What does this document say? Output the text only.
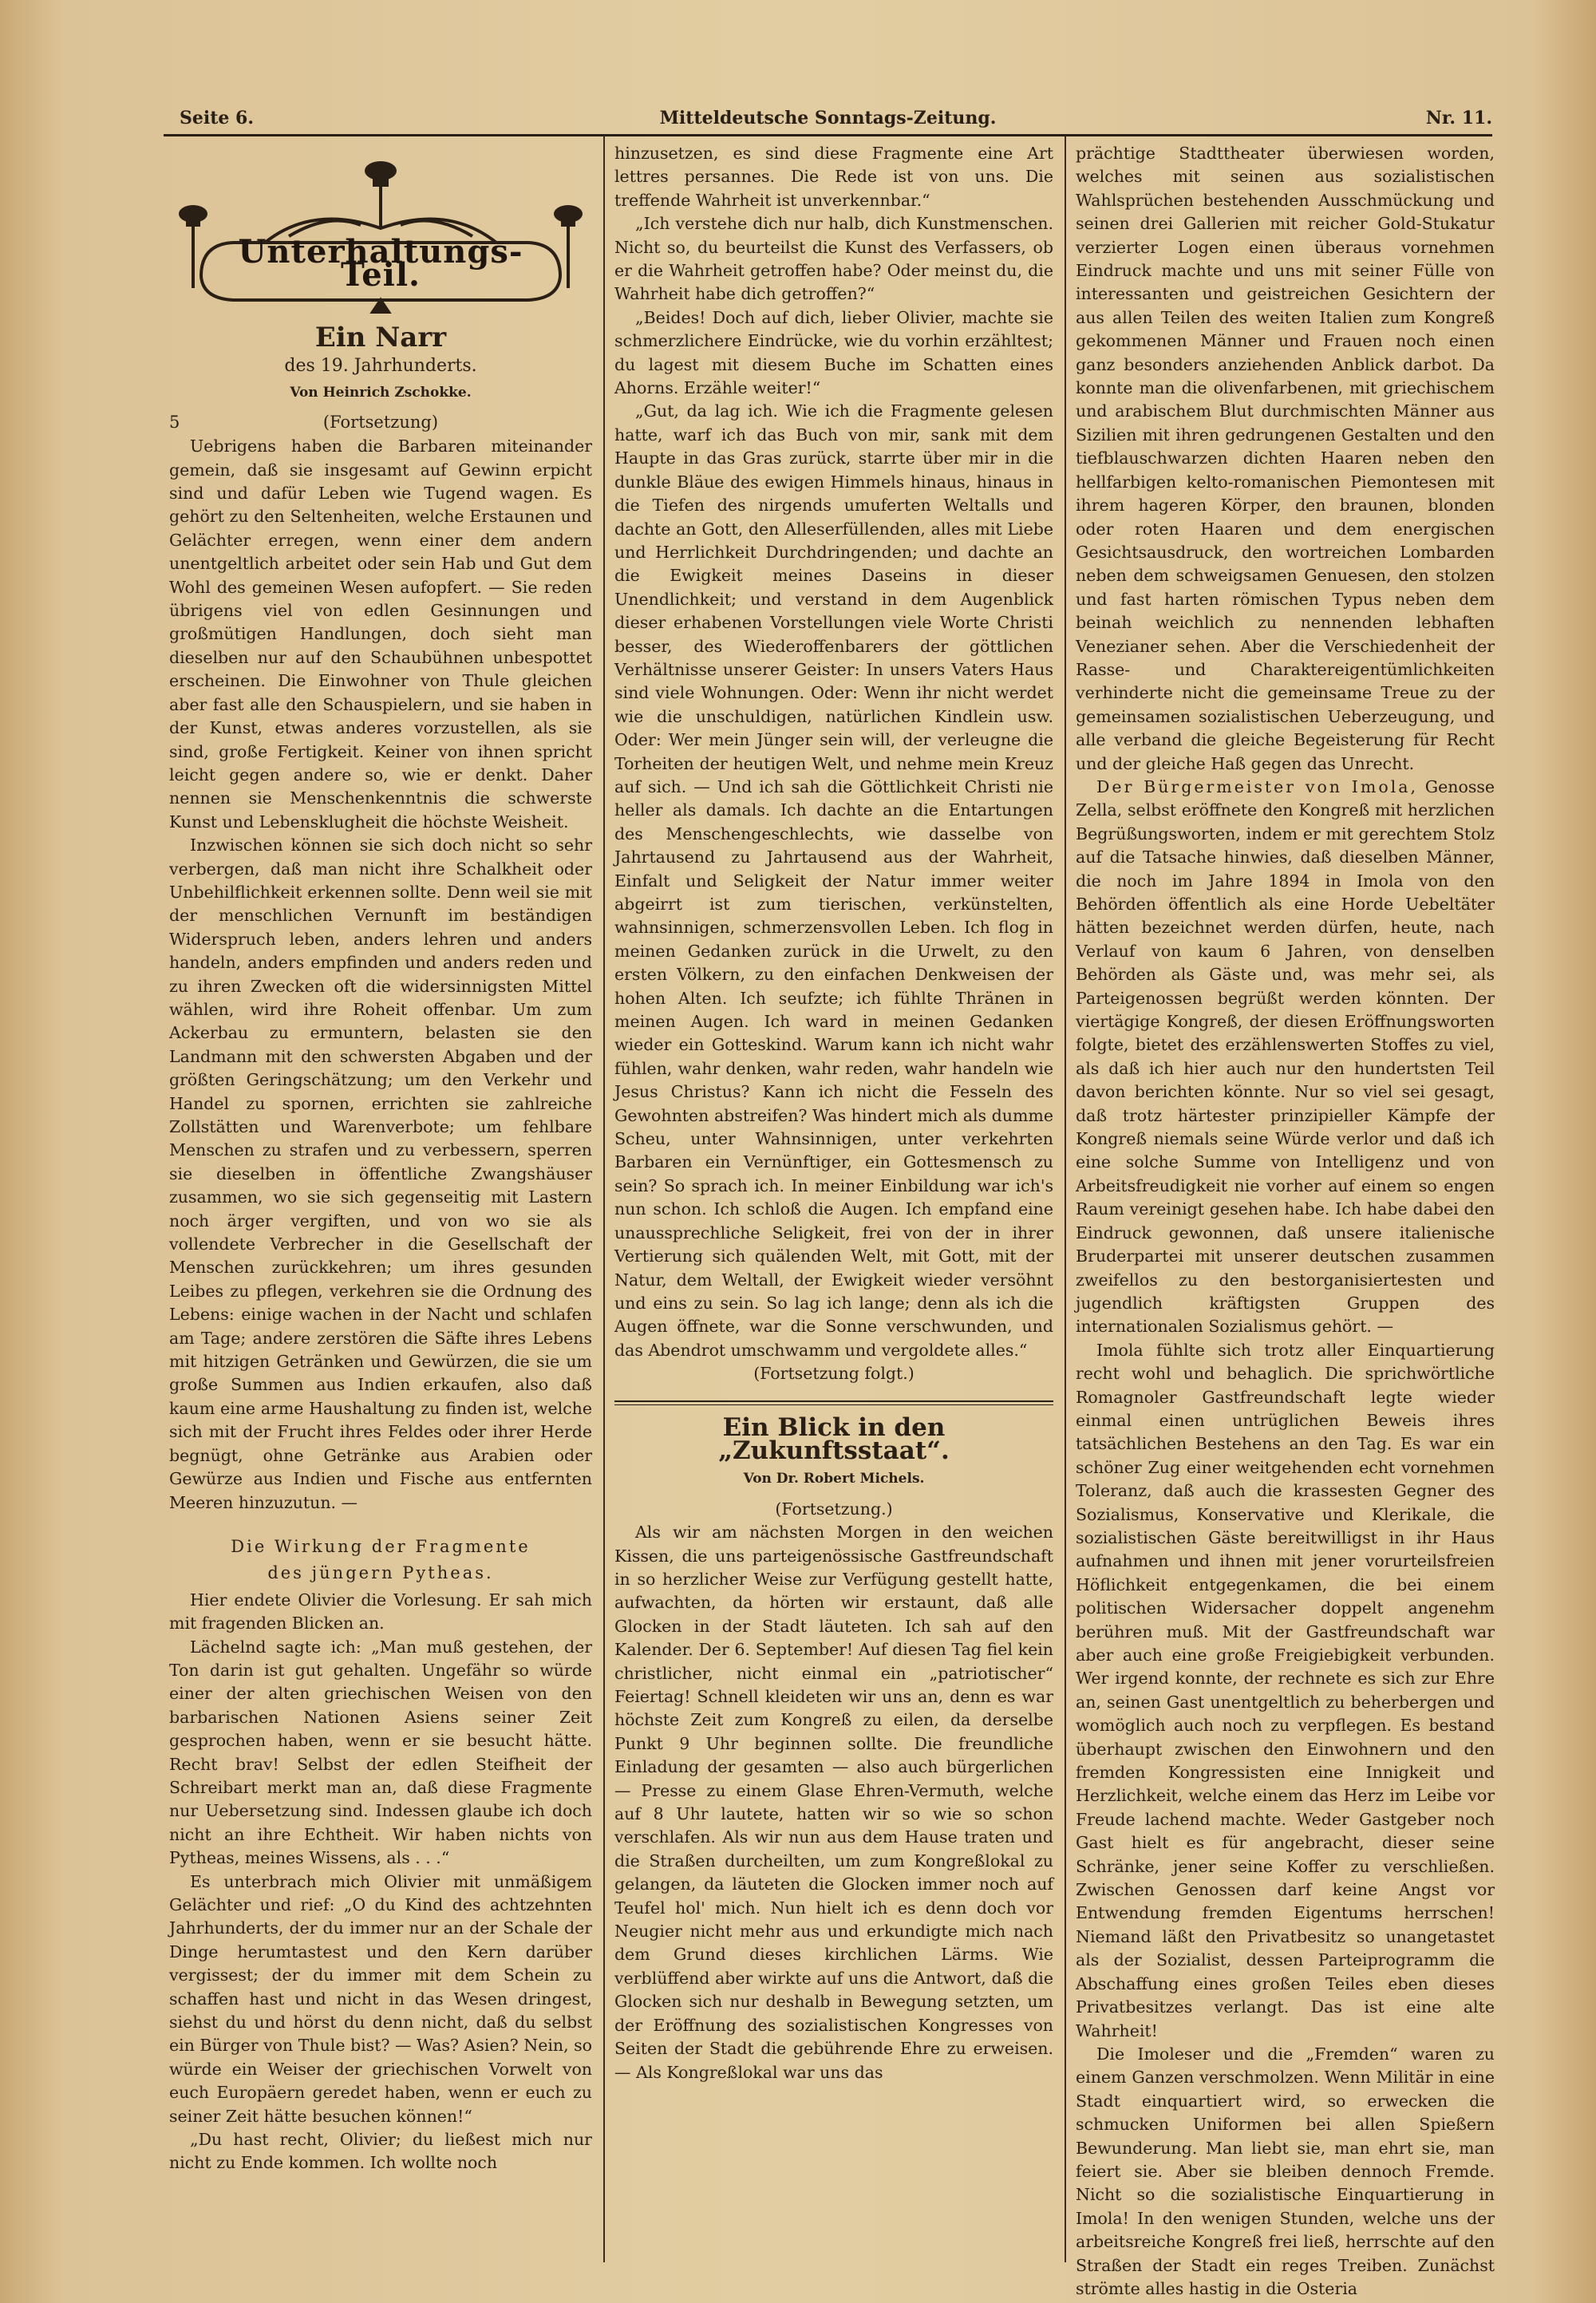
Seite 6.	Mitteldeutsche Sonntags-Zeitung.	Nr. 11.
Unterhaltungs-Teil.
Ein Narr
des 19. Jahrhunderts.
Von Heinrich Zschokke.
5	(Fortsetzung)

Uebrigens haben die Barbaren miteinander gemein, daß sie insgesamt auf Gewinn erpicht sind und dafür Leben wie Tugend wagen. Es gehört zu den Seltenheiten, welche Erstaunen und Gelächter erregen, wenn einer dem andern unentgeltlich arbeitet oder sein Hab und Gut dem Wohl des gemeinen Wesen aufopfert. — Sie reden übrigens viel von edlen Gesinnungen und großmütigen Handlungen, doch sieht man dieselben nur auf den Schaubühnen unbespottet erscheinen. Die Einwohner von Thule gleichen aber fast alle den Schauspielern, und sie haben in der Kunst, etwas anderes vorzustellen, als sie sind, große Fertigkeit. Keiner von ihnen spricht leicht gegen andere so, wie er denkt. Daher nennen sie Menschenkenntnis die schwerste Kunst und Lebensklugheit die höchste Weisheit.

Inzwischen können sie sich doch nicht so sehr verbergen, daß man nicht ihre Schalkheit oder Unbehilflichkeit erkennen sollte. Denn weil sie mit der menschlichen Vernunft im beständigen Widerspruch leben, anders lehren und anders handeln, anders empfinden und anders reden und zu ihren Zwecken oft die widersinnigsten Mittel wählen, wird ihre Roheit offenbar. Um zum Ackerbau zu ermuntern, belasten sie den Landmann mit den schwersten Abgaben und der größten Geringschätzung; um den Verkehr und Handel zu spornen, errichten sie zahlreiche Zollstätten und Warenverbote; um fehlbare Menschen zu strafen und zu verbessern, sperren sie dieselben in öffentliche Zwangshäuser zusammen, wo sie sich gegenseitig mit Lastern noch ärger vergiften, und von wo sie als vollendete Verbrecher in die Gesellschaft der Menschen zurückkehren; um ihres gesunden Leibes zu pflegen, verkehren sie die Ordnung des Lebens: einige wachen in der Nacht und schlafen am Tage; andere zerstören die Säfte ihres Lebens mit hitzigen Getränken und Gewürzen, die sie um große Summen aus Indien erkaufen, also daß kaum eine arme Haushaltung zu finden ist, welche sich mit der Frucht ihres Feldes oder ihrer Herde begnügt, ohne Getränke aus Arabien oder Gewürze aus Indien und Fische aus entfernten Meeren hinzuzutun. —

Die Wirkung der Fragmente
des jüngern Pytheas.

Hier endete Olivier die Vorlesung. Er sah mich mit fragenden Blicken an.

Lächelnd sagte ich: „Man muß gestehen, der Ton darin ist gut gehalten. Ungefähr so würde einer der alten griechischen Weisen von den barbarischen Nationen Asiens seiner Zeit gesprochen haben, wenn er sie besucht hätte. Recht brav! Selbst der edlen Steifheit der Schreibart merkt man an, daß diese Fragmente nur Uebersetzung sind. Indessen glaube ich doch nicht an ihre Echtheit. Wir haben nichts von Pytheas, meines Wissens, als . . .“

Es unterbrach mich Olivier mit unmäßigem Gelächter und rief: „O du Kind des achtzehnten Jahrhunderts, der du immer nur an der Schale der Dinge herumtastest und den Kern darüber vergissest; der du immer mit dem Schein zu schaffen hast und nicht in das Wesen dringest, siehst du und hörst du denn nicht, daß du selbst ein Bürger von Thule bist? — Was? Asien? Nein, so würde ein Weiser der griechischen Vorwelt von euch Europäern geredet haben, wenn er euch zu seiner Zeit hätte besuchen können!“

„Du hast recht, Olivier; du ließest mich nur nicht zu Ende kommen. Ich wollte noch

hinzusetzen, es sind diese Fragmente eine Art lettres persannes. Die Rede ist von uns. Die treffende Wahrheit ist unverkennbar.“

„Ich verstehe dich nur halb, dich Kunstmenschen. Nicht so, du beurteilst die Kunst des Verfassers, ob er die Wahrheit getroffen habe? Oder meinst du, die Wahrheit habe dich getroffen?“

„Beides! Doch auf dich, lieber Olivier, machte sie schmerzlichere Eindrücke, wie du vorhin erzähltest; du lagest mit diesem Buche im Schatten eines Ahorns. Erzähle weiter!“

„Gut, da lag ich. Wie ich die Fragmente gelesen hatte, warf ich das Buch von mir, sank mit dem Haupte in das Gras zurück, starrte über mir in die dunkle Bläue des ewigen Himmels hinaus, hinaus in die Tiefen des nirgends umuferten Weltalls und dachte an Gott, den Alleserfüllenden, alles mit Liebe und Herrlichkeit Durchdringenden; und dachte an die Ewigkeit meines Daseins in dieser Unendlichkeit; und verstand in dem Augenblick dieser erhabenen Vorstellungen viele Worte Christi besser, des Wiederoffenbarers der göttlichen Verhältnisse unserer Geister: In unsers Vaters Haus sind viele Wohnungen. Oder: Wenn ihr nicht werdet wie die unschuldigen, natürlichen Kindlein usw. Oder: Wer mein Jünger sein will, der verleugne die Torheiten der heutigen Welt, und nehme mein Kreuz auf sich. — Und ich sah die Göttlichkeit Christi nie heller als damals. Ich dachte an die Entartungen des Menschengeschlechts, wie dasselbe von Jahrtausend zu Jahrtausend aus der Wahrheit, Einfalt und Seligkeit der Natur immer weiter abgeirrt ist zum tierischen, verkünstelten, wahnsinnigen, schmerzensvollen Leben. Ich flog in meinen Gedanken zurück in die Urwelt, zu den ersten Völkern, zu den einfachen Denkweisen der hohen Alten. Ich seufzte; ich fühlte Thränen in meinen Augen. Ich ward in meinen Gedanken wieder ein Gotteskind. Warum kann ich nicht wahr fühlen, wahr denken, wahr reden, wahr handeln wie Jesus Christus? Kann ich nicht die Fesseln des Gewohnten abstreifen? Was hindert mich als dumme Scheu, unter Wahnsinnigen, unter verkehrten Barbaren ein Vernünftiger, ein Gottesmensch zu sein? So sprach ich. In meiner Einbildung war ich's nun schon. Ich schloß die Augen. Ich empfand eine unaussprechliche Seligkeit, frei von der in ihrer Vertierung sich quälenden Welt, mit Gott, mit der Natur, dem Weltall, der Ewigkeit wieder versöhnt und eins zu sein. So lag ich lange; denn als ich die Augen öffnete, war die Sonne verschwunden, und das Abendrot umschwamm und vergoldete alles.“

(Fortsetzung folgt.)

Ein Blick in den „Zukunftsstaat“.
Von Dr. Robert Michels.

(Fortsetzung.)

Als wir am nächsten Morgen in den weichen Kissen, die uns parteigenössische Gastfreundschaft in so herzlicher Weise zur Verfügung gestellt hatte, aufwachten, da hörten wir erstaunt, daß alle Glocken in der Stadt läuteten. Ich sah auf den Kalender. Der 6. September! Auf diesen Tag fiel kein christlicher, nicht einmal ein „patriotischer“ Feiertag! Schnell kleideten wir uns an, denn es war höchste Zeit zum Kongreß zu eilen, da derselbe Punkt 9 Uhr beginnen sollte. Die freundliche Einladung der gesamten — also auch bürgerlichen — Presse zu einem Glase Ehren-Vermuth, welche auf 8 Uhr lautete, hatten wir so wie so schon verschlafen. Als wir nun aus dem Hause traten und die Straßen durcheilten, um zum Kongreßlokal zu gelangen, da läuteten die Glocken immer noch auf Teufel hol' mich. Nun hielt ich es denn doch vor Neugier nicht mehr aus und erkundigte mich nach dem Grund dieses kirchlichen Lärms. Wie verblüffend aber wirkte auf uns die Antwort, daß die Glocken sich nur deshalb in Bewegung setzten, um der Eröffnung des sozialistischen Kongresses von Seiten der Stadt die gebührende Ehre zu erweisen. — Als Kongreßlokal war uns das

prächtige Stadttheater überwiesen worden, welches mit seinen aus sozialistischen Wahlsprüchen bestehenden Ausschmückung und seinen drei Gallerien mit reicher Gold-Stukatur verzierter Logen einen überaus vornehmen Eindruck machte und uns mit seiner Fülle von interessanten und geistreichen Gesichtern der aus allen Teilen des weiten Italien zum Kongreß gekommenen Männer und Frauen noch einen ganz besonders anziehenden Anblick darbot. Da konnte man die olivenfarbenen, mit griechischem und arabischem Blut durchmischten Männer aus Sizilien mit ihren gedrungenen Gestalten und den tiefblauschwarzen dichten Haaren neben den hellfarbigen kelto-romanischen Piemontesen mit ihrem hageren Körper, den braunen, blonden oder roten Haaren und dem energischen Gesichtsausdruck, den wortreichen Lombarden neben dem schweigsamen Genuesen, den stolzen und fast harten römischen Typus neben dem beinah weichlich zu nennenden lebhaften Venezianer sehen. Aber die Verschiedenheit der Rasse- und Charaktereigentümlichkeiten verhinderte nicht die gemeinsame Treue zu der gemeinsamen sozialistischen Ueberzeugung, und alle verband die gleiche Begeisterung für Recht und der gleiche Haß gegen das Unrecht.

Der Bürgermeister von Imola, Genosse Zella, selbst eröffnete den Kongreß mit herzlichen Begrüßungsworten, indem er mit gerechtem Stolz auf die Tatsache hinwies, daß dieselben Männer, die noch im Jahre 1894 in Imola von den Behörden öffentlich als eine Horde Uebeltäter hätten bezeichnet werden dürfen, heute, nach Verlauf von kaum 6 Jahren, von denselben Behörden als Gäste und, was mehr sei, als Parteigenossen begrüßt werden könnten. Der viertägige Kongreß, der diesen Eröffnungsworten folgte, bietet des erzählenswerten Stoffes zu viel, als daß ich hier auch nur den hundertsten Teil davon berichten könnte. Nur so viel sei gesagt, daß trotz härtester prinzipieller Kämpfe der Kongreß niemals seine Würde verlor und daß ich eine solche Summe von Intelligenz und von Arbeitsfreudigkeit nie vorher auf einem so engen Raum vereinigt gesehen habe. Ich habe dabei den Eindruck gewonnen, daß unsere italienische Bruderpartei mit unserer deutschen zusammen zweifellos zu den bestorganisiertesten und jugendlich kräftigsten Gruppen des internationalen Sozialismus gehört. —

Imola fühlte sich trotz aller Einquartierung recht wohl und behaglich. Die sprichwörtliche Romagnoler Gastfreundschaft legte wieder einmal einen untrüglichen Beweis ihres tatsächlichen Bestehens an den Tag. Es war ein schöner Zug einer weitgehenden echt vornehmen Toleranz, daß auch die krassesten Gegner des Sozialismus, Konservative und Klerikale, die sozialistischen Gäste bereitwilligst in ihr Haus aufnahmen und ihnen mit jener vorurteilsfreien Höflichkeit entgegenkamen, die bei einem politischen Widersacher doppelt angenehm berühren muß. Mit der Gastfreundschaft war aber auch eine große Freigiebigkeit verbunden. Wer irgend konnte, der rechnete es sich zur Ehre an, seinen Gast unentgeltlich zu beherbergen und womöglich auch noch zu verpflegen. Es bestand überhaupt zwischen den Einwohnern und den fremden Kongressisten eine Innigkeit und Herzlichkeit, welche einem das Herz im Leibe vor Freude lachend machte. Weder Gastgeber noch Gast hielt es für angebracht, dieser seine Schränke, jener seine Koffer zu verschließen. Zwischen Genossen darf keine Angst vor Entwendung fremden Eigentums herrschen! Niemand läßt den Privatbesitz so unangetastet als der Sozialist, dessen Parteiprogramm die Abschaffung eines großen Teiles eben dieses Privatbesitzes verlangt. Das ist eine alte Wahrheit!

Die Imoleser und die „Fremden“ waren zu einem Ganzen verschmolzen. Wenn Militär in eine Stadt einquartiert wird, so erwecken die schmucken Uniformen bei allen Spießern Bewunderung. Man liebt sie, man ehrt sie, man feiert sie. Aber sie bleiben dennoch Fremde. Nicht so die sozialistische Einquartierung in Imola! In den wenigen Stunden, welche uns der arbeitsreiche Kongreß frei ließ, herrschte auf den Straßen der Stadt ein reges Treiben. Zunächst strömte alles hastig in die Osteria
